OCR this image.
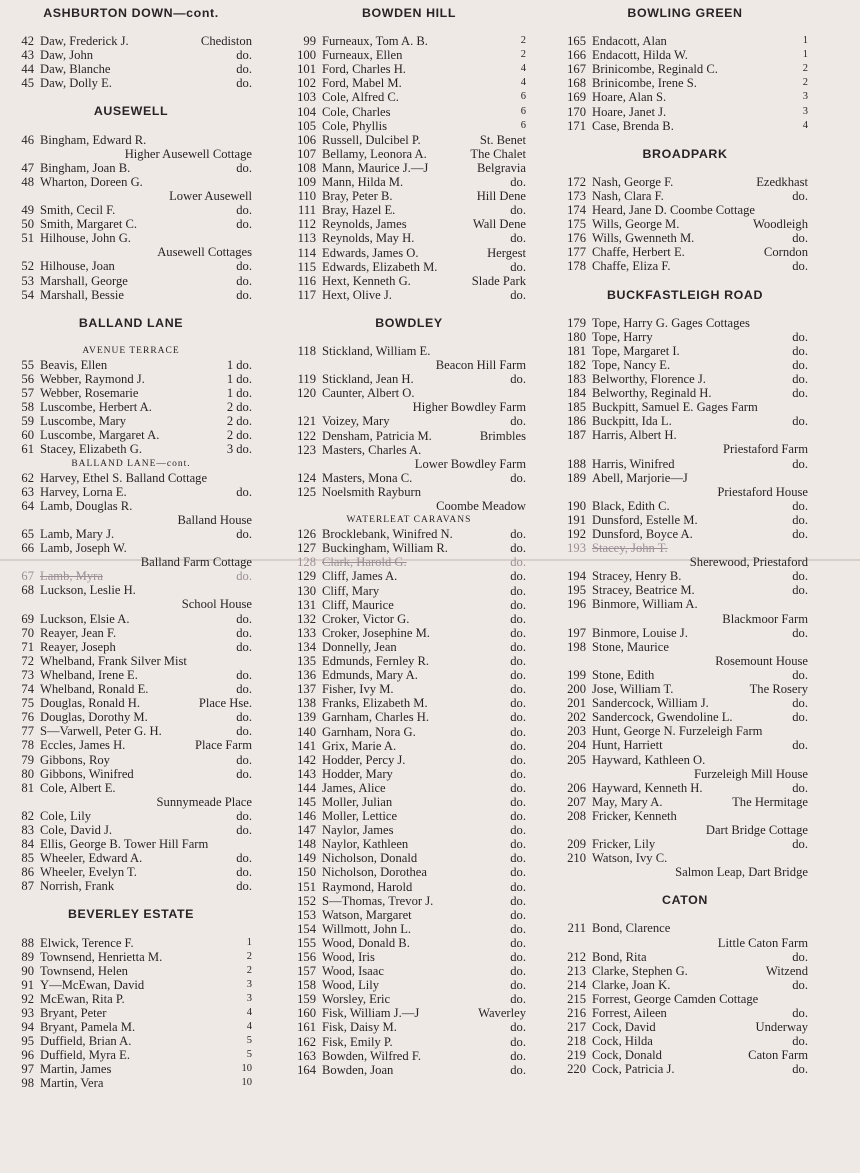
ASHBURTON DOWN—cont.
42 Daw, Frederick J.	Chediston
43 Daw, John	do.
44 Daw, Blanche	do.
45 Daw, Dolly E.	do.
AUSEWELL
46 Bingham, Edward R.
Higher Ausewell Cottage
47 Bingham, Joan B.	do.
48 Wharton, Doreen G.
Lower Ausewell
49 Smith, Cecil F.	do.
50 Smith, Margaret C.	do.
51 Hilhouse, John G.
Ausewell Cottages
52 Hilhouse, Joan	do.
53 Marshall, George	do.
54 Marshall, Bessie	do.
BALLAND LANE
AVENUE TERRACE
55 Beavis, Ellen	1 do.
56 Webber, Raymond J.	1 do.
57 Webber, Rosemarie	1 do.
58 Luscombe, Herbert A.	2 do.
59 Luscombe, Mary	2 do.
60 Luscombe, Margaret A.	2 do.
61 Stacey, Elizabeth G.	3 do.
BALLAND LANE—cont.
62 Harvey, Ethel S. Balland Cottage
63 Harvey, Lorna E.	do.
64 Lamb, Douglas R.
Balland House
65 Lamb, Mary J.	do.
66 Lamb, Joseph W.
Balland Farm Cottage
67 Lamb, Myra	do.
68 Luckson, Leslie H.
School House
69 Luckson, Elsie A.	do.
70 Reayer, Jean F.	do.
71 Reayer, Joseph	do.
72 Whelband, Frank Silver Mist
73 Whelband, Irene E.	do.
74 Whelband, Ronald E.	do.
75 Douglas, Ronald H.	Place Hse.
76 Douglas, Dorothy M.	do.
77 S—Varwell, Peter G. H.	do.
78 Eccles, James H.	Place Farm
79 Gibbons, Roy	do.
80 Gibbons, Winifred	do.
81 Cole, Albert E.
Sunnymeade Place
82 Cole, Lily	do.
83 Cole, David J.	do.
84 Ellis, George B. Tower Hill Farm
85 Wheeler, Edward A.	do.
86 Wheeler, Evelyn T.	do.
87 Norrish, Frank	do.
BEVERLEY ESTATE
88 Elwick, Terence F.	1
89 Townsend, Henrietta M.	2
90 Townsend, Helen	2
91 Y—McEwan, David	3
92 McEwan, Rita P.	3
93 Bryant, Peter	4
94 Bryant, Pamela M.	4
95 Duffield, Brian A.	5
96 Duffield, Myra E.	5
97 Martin, James	10
98 Martin, Vera	10
BOWDEN HILL
99 Furneaux, Tom A. B.	2
100 Furneaux, Ellen	2
101 Ford, Charles H.	4
102 Ford, Mabel M.	4
103 Cole, Alfred C.	6
104 Cole, Charles	6
105 Cole, Phyllis	6
106 Russell, Dulcibel P.	St. Benet
107 Bellamy, Leonora A.	The Chalet
108 Mann, Maurice J.—J	Belgravia
109 Mann, Hilda M.	do.
110 Bray, Peter B.	Hill Dene
111 Bray, Hazel E.	do.
112 Reynolds, James	Wall Dene
113 Reynolds, May H.	do.
114 Edwards, James O.	Hergest
115 Edwards, Elizabeth M.	do.
116 Hext, Kenneth G.	Slade Park
117 Hext, Olive J.	do.
BOWDLEY
118 Stickland, William E.
Beacon Hill Farm
119 Stickland, Jean H.	do.
120 Caunter, Albert O.
Higher Bowdley Farm
121 Voizey, Mary	do.
122 Densham, Patricia M.	Brimbles
123 Masters, Charles A.
Lower Bowdley Farm
124 Masters, Mona C.	do.
125 Noelsmith Rayburn
Coombe Meadow
WATERLEAT CARAVANS
126 Brocklebank, Winifred N.	do.
127 Buckingham, William R.	do.
128 Clark, Harold G.	do.
129 Cliff, James A.	do.
130 Cliff, Mary	do.
131 Cliff, Maurice	do.
132 Croker, Victor G.	do.
133 Croker, Josephine M.	do.
134 Donnelly, Jean	do.
135 Edmunds, Fernley R.	do.
136 Edmunds, Mary A.	do.
137 Fisher, Ivy M.	do.
138 Franks, Elizabeth M.	do.
139 Garnham, Charles H.	do.
140 Garnham, Nora G.	do.
141 Grix, Marie A.	do.
142 Hodder, Percy J.	do.
143 Hodder, Mary	do.
144 James, Alice	do.
145 Moller, Julian	do.
146 Moller, Lettice	do.
147 Naylor, James	do.
148 Naylor, Kathleen	do.
149 Nicholson, Donald	do.
150 Nicholson, Dorothea	do.
151 Raymond, Harold	do.
152 S—Thomas, Trevor J.	do.
153 Watson, Margaret	do.
154 Willmott, John L.	do.
155 Wood, Donald B.	do.
156 Wood, Iris	do.
157 Wood, Isaac	do.
158 Wood, Lily	do.
159 Worsley, Eric	do.
160 Fisk, William J.—J	Waverley
161 Fisk, Daisy M.	do.
162 Fisk, Emily P.	do.
163 Bowden, Wilfred F.	do.
164 Bowden, Joan	do.
BOWLING GREEN
165 Endacott, Alan	1
166 Endacott, Hilda W.	1
167 Brinicombe, Reginald C.	2
168 Brinicombe, Irene S.	2
169 Hoare, Alan S.	3
170 Hoare, Janet J.	3
171 Case, Brenda B.	4
BROADPARK
172 Nash, George F.	Ezedkhast
173 Nash, Clara F.	do.
174 Heard, Jane D. Coombe Cottage
175 Wills, George M.	Woodleigh
176 Wills, Gwenneth M.	do.
177 Chaffe, Herbert E.	Corndon
178 Chaffe, Eliza F.	do.
BUCKFASTLEIGH ROAD
179 Tope, Harry G. Gages Cottages
180 Tope, Harry	do.
181 Tope, Margaret I.	do.
182 Tope, Nancy E.	do.
183 Belworthy, Florence J.	do.
184 Belworthy, Reginald H.	do.
185 Buckpitt, Samuel E. Gages Farm
186 Buckpitt, Ida L.	do.
187 Harris, Albert H.
Priestaford Farm
188 Harris, Winifred	do.
189 Abell, Marjorie—J
Priestaford House
190 Black, Edith C.	do.
191 Dunsford, Estelle M.	do.
192 Dunsford, Boyce A.	do.
193 Stacey, John T.
Sherewood, Priestaford
194 Stracey, Henry B.	do.
195 Stracey, Beatrice M.	do.
196 Binmore, William A.
Blackmoor Farm
197 Binmore, Louise J.	do.
198 Stone, Maurice
Rosemount House
199 Stone, Edith	do.
200 Jose, William T.	The Rosery
201 Sandercock, William J.	do.
202 Sandercock, Gwendoline L.	do.
203 Hunt, George N. Furzeleigh Farm
204 Hunt, Harriett	do.
205 Hayward, Kathleen O.
Furzeleigh Mill House
206 Hayward, Kenneth H.	do.
207 May, Mary A.	The Hermitage
208 Fricker, Kenneth
Dart Bridge Cottage
209 Fricker, Lily	do.
210 Watson, Ivy C.
Salmon Leap, Dart Bridge
CATON
211 Bond, Clarence
Little Caton Farm
212 Bond, Rita	do.
213 Clarke, Stephen G.	Witzend
214 Clarke, Joan K.	do.
215 Forrest, George Camden Cottage
216 Forrest, Aileen	do.
217 Cock, David	Underway
218 Cock, Hilda	do.
219 Cock, Donald	Caton Farm
220 Cock, Patricia J.	do.
